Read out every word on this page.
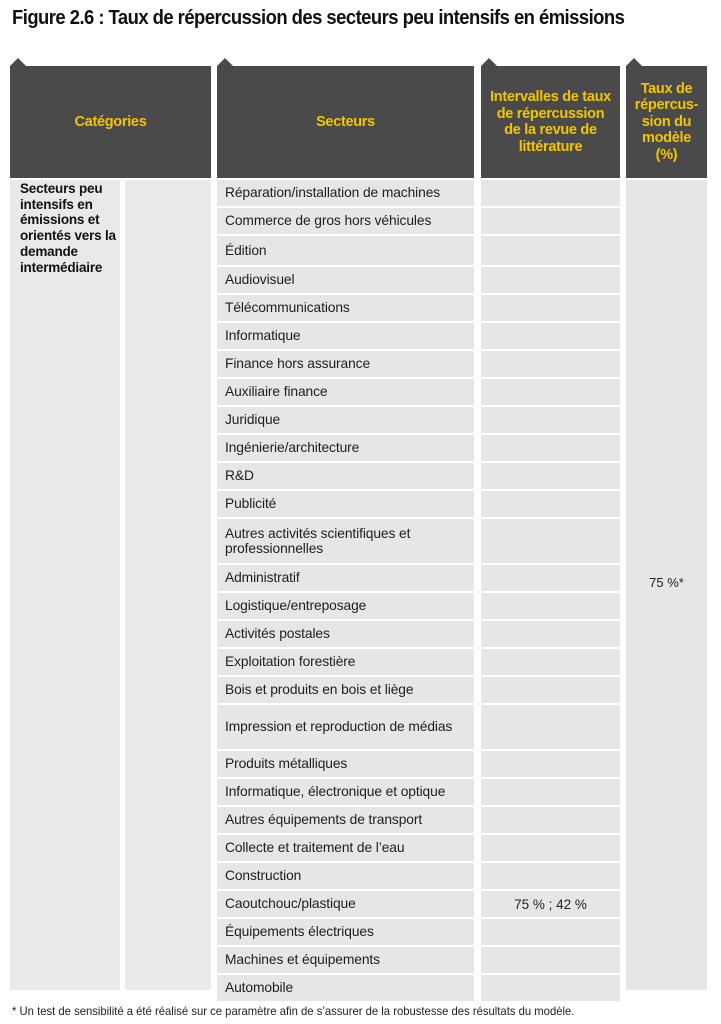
Figure 2.6 : Taux de répercussion des secteurs peu intensifs en émissions
Catégories	Secteurs
Intervalles de taux de répercussion de la revue de littérature
Taux de répercus-sion du modèle (%)
Secteurs peu intensifs en émissions et orientés vers la demande intermédiaire
75 %*
Réparation/installation de machines
Commerce de gros hors véhicules
Édition
Audiovisuel
Télécommunications
Informatique
Finance hors assurance
Auxiliaire finance
Juridique
Ingénierie/architecture
R&D
Publicité
Autres activités scientifiques et professionnelles
Administratif
Logistique/entreposage
Activités postales
Exploitation forestière
Bois et produits en bois et liège
Impression et reproduction de médias
Produits métalliques
Informatique, électronique et optique
Autres équipements de transport
Collecte et traitement de l’eau
Construction
Caoutchouc/plastique	75 % ; 42 %
Équipements électriques
Machines et équipements
Automobile
* Un test de sensibilité a été réalisé sur ce paramètre afin de s’assurer de la robustesse des résultats du modèle.
